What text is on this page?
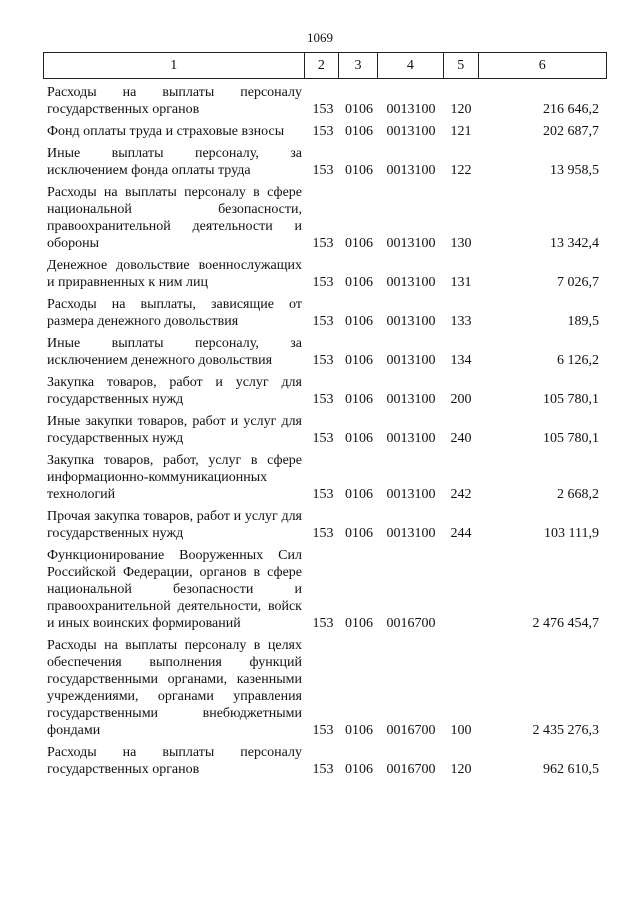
1069
1	2	3	4	5	6
Расходы на выплаты персоналу государственных органов	153	0106	0013100	120	216 646,2
Фонд оплаты труда и страховые взносы	153	0106	0013100	121	202 687,7
Иные выплаты персоналу, за исключением фонда оплаты труда	153	0106	0013100	122	13 958,5
Расходы на выплаты персоналу в сфере национальной безопасности, правоохранительной деятельности и обороны	153	0106	0013100	130	13 342,4
Денежное довольствие военнослужащих и приравненных к ним лиц	153	0106	0013100	131	7 026,7
Расходы на выплаты, зависящие от размера денежного довольствия	153	0106	0013100	133	189,5
Иные выплаты персоналу, за исключением денежного довольствия	153	0106	0013100	134	6 126,2
Закупка товаров, работ и услуг для государственных нужд	153	0106	0013100	200	105 780,1
Иные закупки товаров, работ и услуг для государственных нужд	153	0106	0013100	240	105 780,1
Закупка товаров, работ, услуг в сфере информационно-коммуникационных технологий	153	0106	0013100	242	2 668,2
Прочая закупка товаров, работ и услуг для государственных нужд	153	0106	0013100	244	103 111,9
Функционирование Вооруженных Сил Российской Федерации, органов в сфере национальной безопасности и правоохранительной деятельности, войск и иных воинских формирований	153	0106	0016700		2 476 454,7
Расходы на выплаты персоналу в целях обеспечения выполнения функций государственными органами, казенными учреждениями, органами управления государственными внебюджетными фондами	153	0106	0016700	100	2 435 276,3
Расходы на выплаты персоналу государственных органов	153	0106	0016700	120	962 610,5
